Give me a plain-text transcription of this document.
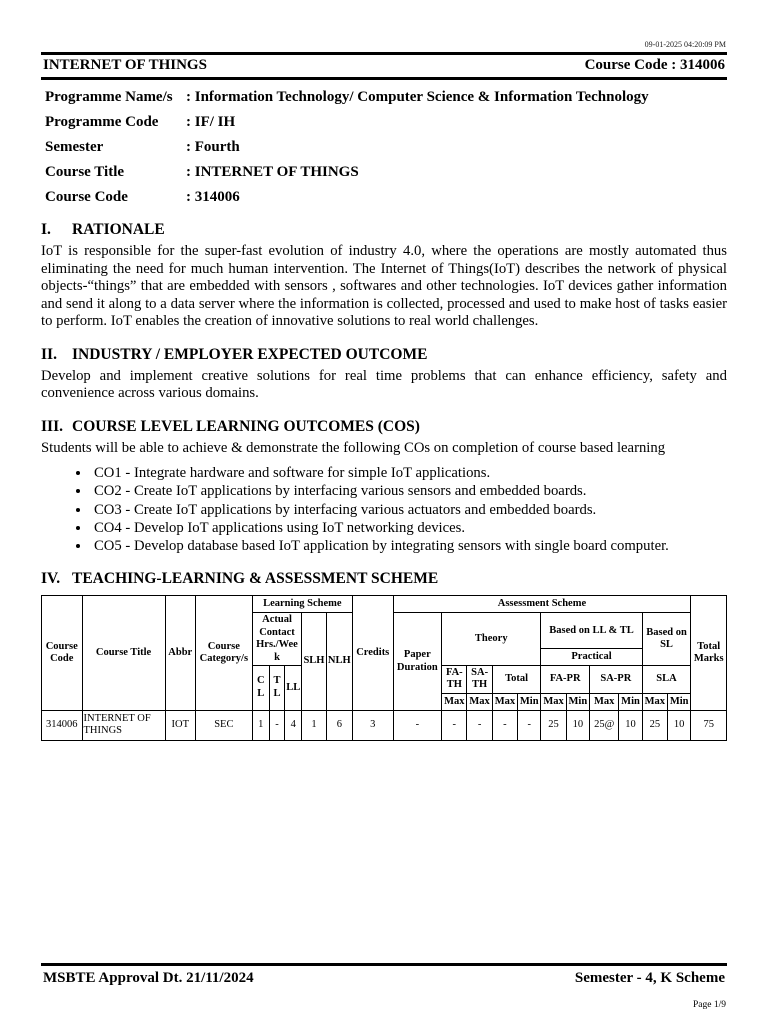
09-01-2025 04:20:09 PM
INTERNET OF THINGS	Course Code : 314006
Programme Name/s : Information Technology/ Computer Science & Information Technology
Programme Code	: IF/ IH
Semester	: Fourth
Course Title	: INTERNET OF THINGS
Course Code	: 314006
I. RATIONALE
IoT is responsible for the super-fast evolution of industry 4.0, where the operations are mostly automated thus eliminating the need for much human intervention. The Internet of Things(IoT) describes the network of physical objects-“things” that are embedded with sensors , softwares and other technologies. IoT devices gather information and send it along to a data server where the information is collected, processed and used to make host of tasks easier to perform. IoT enables the creation of innovative solutions to real world challenges.
II. INDUSTRY / EMPLOYER EXPECTED OUTCOME
Develop and implement creative solutions for real time problems that can enhance efficiency, safety and convenience across various domains.
III. COURSE LEVEL LEARNING OUTCOMES (COS)
Students will be able to achieve & demonstrate the following COs on completion of course based learning
• CO1 - Integrate hardware and software for simple IoT applications.
• CO2 - Create IoT applications by interfacing various sensors and embedded boards.
• CO3 - Create IoT applications by interfacing various actuators and embedded boards.
• CO4 - Develop IoT applications using IoT networking devices.
• CO5 - Develop database based IoT application by integrating sensors with single board computer.
IV. TEACHING-LEARNING & ASSESSMENT SCHEME
Course Code	Course Title	Abbr	Course Category/s	Learning Scheme					Credits	Assessment Scheme											Total Marks
				Actual Contact Hrs./Week			SLH	NLH		Paper Duration	Theory				Based on LL & TL				Based on SL		
															Practical						
				CL	TL	LL					FA-TH	SA-TH	Total		FA-PR		SA-PR		SLA		
											Max	Max	Max	Min	Max	Min	Max	Min	Max	Min	
314006	INTERNET OF THINGS	IOT	SEC	1	-	4	1	6	3	-	-	-	-	-	25	10	25@	10	25	10	75
MSBTE Approval Dt. 21/11/2024	Semester - 4, K Scheme
Page 1/9
